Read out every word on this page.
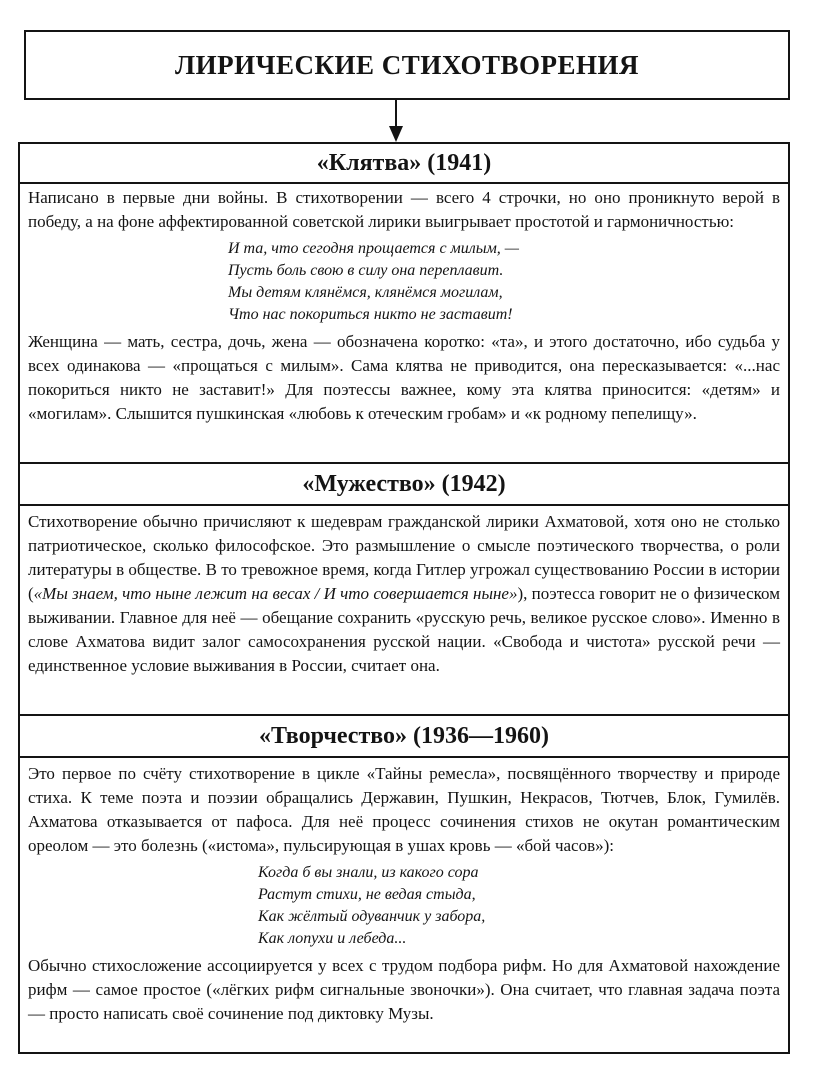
ЛИРИЧЕСКИЕ СТИХОТВОРЕНИЯ
«Клятва» (1941)

Написано в первые дни войны. В стихотворении — всего 4 строчки, но оно проникнуто верой в победу, а на фоне аффектированной советской лирики выигрывает простотой и гармоничностью:

И та, что сегодня прощается с милым, —
Пусть боль свою в силу она переплавит.
Мы детям клянёмся, клянёмся могилам,
Что нас покориться никто не заставит!

Женщина — мать, сестра, дочь, жена — обозначена коротко: «та», и этого достаточно, ибо судьба у всех одинакова — «прощаться с милым». Сама клятва не приводится, она пересказывается: «...нас покориться никто не заставит!» Для поэтессы важнее, кому эта клятва приносится: «детям» и «могилам». Слышится пушкинская «любовь к отеческим гробам» и «к родному пепелищу».

«Мужество» (1942)

Стихотворение обычно причисляют к шедеврам гражданской лирики Ахматовой, хотя оно не столько патриотическое, сколько философское. Это размышление о смысле поэтического творчества, о роли литературы в обществе. В то тревожное время, когда Гитлер угрожал существованию России в истории («Мы знаем, что ныне лежит на весах / И что совершается ныне»), поэтесса говорит не о физическом выживании. Главное для неё — обещание сохранить «русскую речь, великое русское слово». Именно в слове Ахматова видит залог самосохранения русской нации. «Свобода и чистота» русской речи — единственное условие выживания в России, считает она.

«Творчество» (1936—1960)

Это первое по счёту стихотворение в цикле «Тайны ремесла», посвящённого творчеству и природе стиха. К теме поэта и поэзии обращались Державин, Пушкин, Некрасов, Тютчев, Блок, Гумилёв. Ахматова отказывается от пафоса. Для неё процесс сочинения стихов не окутан романтическим ореолом — это болезнь («истома», пульсирующая в ушах кровь — «бой часов»):

Когда б вы знали, из какого сора
Растут стихи, не ведая стыда,
Как жёлтый одуванчик у забора,
Как лопухи и лебеда...

Обычно стихосложение ассоциируется у всех с трудом подбора рифм. Но для Ахматовой нахождение рифм — самое простое («лёгких рифм сигнальные звоночки»). Она считает, что главная задача поэта — просто написать своё сочинение под диктовку Музы.
